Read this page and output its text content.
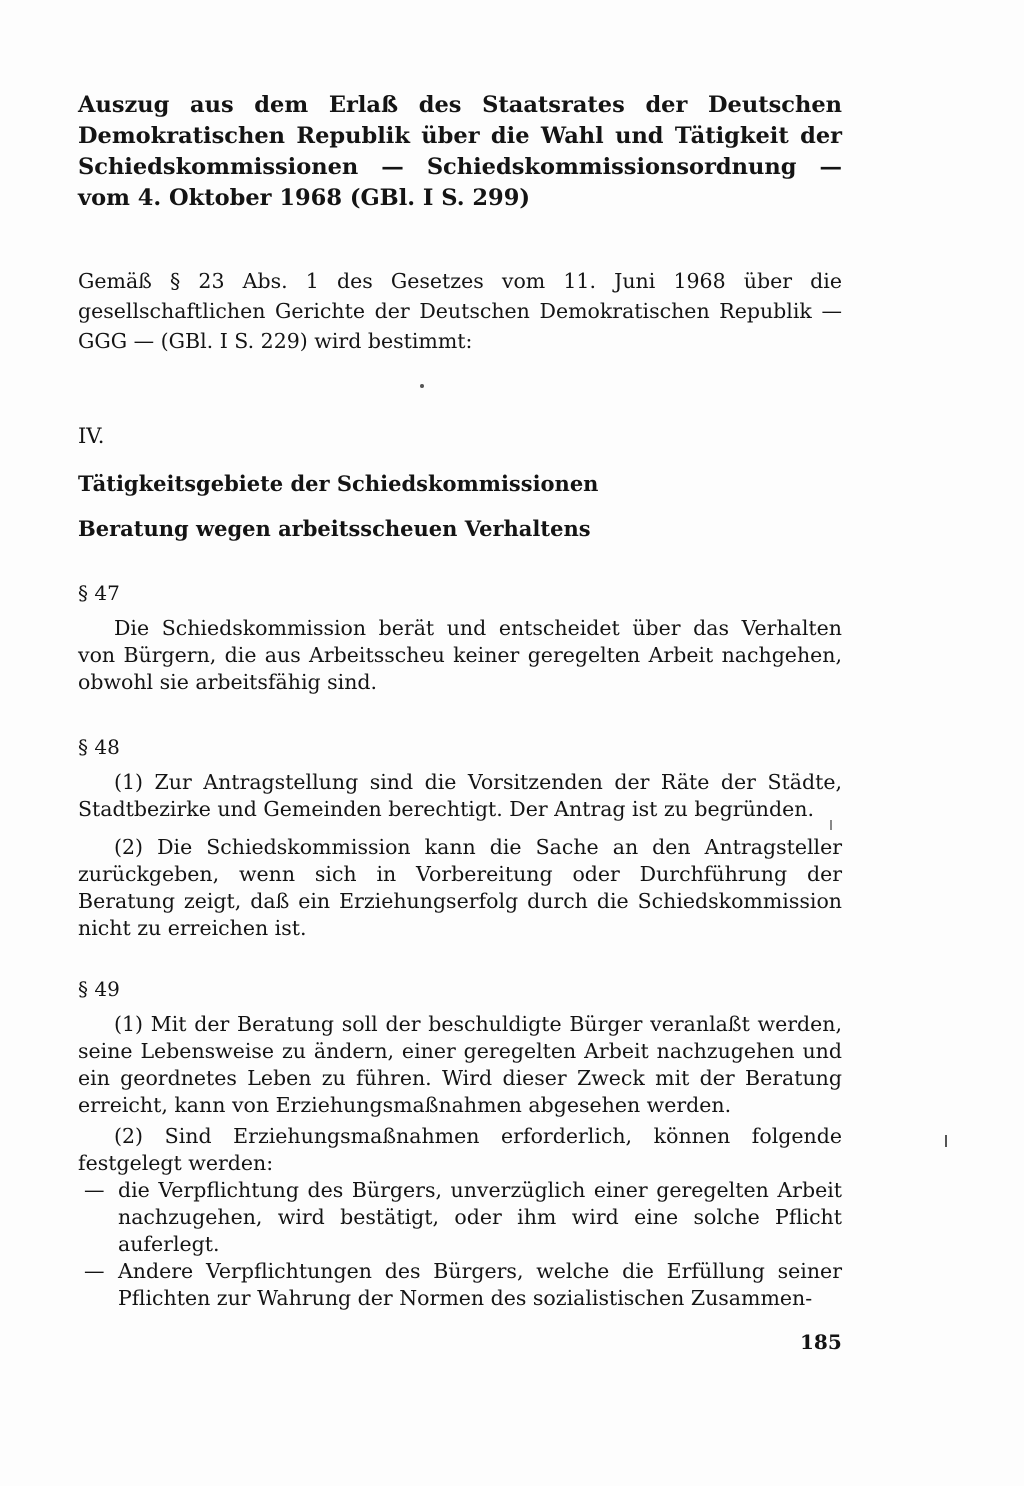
Auszug aus dem Erlaß des Staatsrates der Deutschen Demokratischen Republik über die Wahl und Tätigkeit der Schiedskommissionen — Schiedskommissionsordnung — vom 4. Oktober 1968 (GBl. I S. 299)

Gemäß § 23 Abs. 1 des Gesetzes vom 11. Juni 1968 über die gesellschaftlichen Gerichte der Deutschen Demokratischen Republik — GGG — (GBl. I S. 229) wird bestimmt:

IV.
Tätigkeitsgebiete der Schiedskommissionen
Beratung wegen arbeitsscheuen Verhaltens
§ 47

Die Schiedskommission berät und entscheidet über das Verhalten von Bürgern, die aus Arbeitsscheu keiner geregelten Arbeit nachgehen, obwohl sie arbeitsfähig sind.

§ 48

(1) Zur Antragstellung sind die Vorsitzenden der Räte der Städte, Stadtbezirke und Gemeinden berechtigt. Der Antrag ist zu begründen.

(2) Die Schiedskommission kann die Sache an den Antragsteller zurückgeben, wenn sich in Vorbereitung oder Durchführung der Beratung zeigt, daß ein Erziehungserfolg durch die Schiedskommission nicht zu erreichen ist.

§ 49

(1) Mit der Beratung soll der beschuldigte Bürger veranlaßt werden, seine Lebensweise zu ändern, einer geregelten Arbeit nachzugehen und ein geordnetes Leben zu führen. Wird dieser Zweck mit der Beratung erreicht, kann von Erziehungsmaßnahmen abgesehen werden.

(2) Sind Erziehungsmaßnahmen erforderlich, können folgende festgelegt werden:

— die Verpflichtung des Bürgers, unverzüglich einer geregelten Arbeit nachzugehen, wird bestätigt, oder ihm wird eine solche Pflicht auferlegt.
— Andere Verpflichtungen des Bürgers, welche die Erfüllung seiner Pflichten zur Wahrung der Normen des sozialistischen Zusammen-
185
